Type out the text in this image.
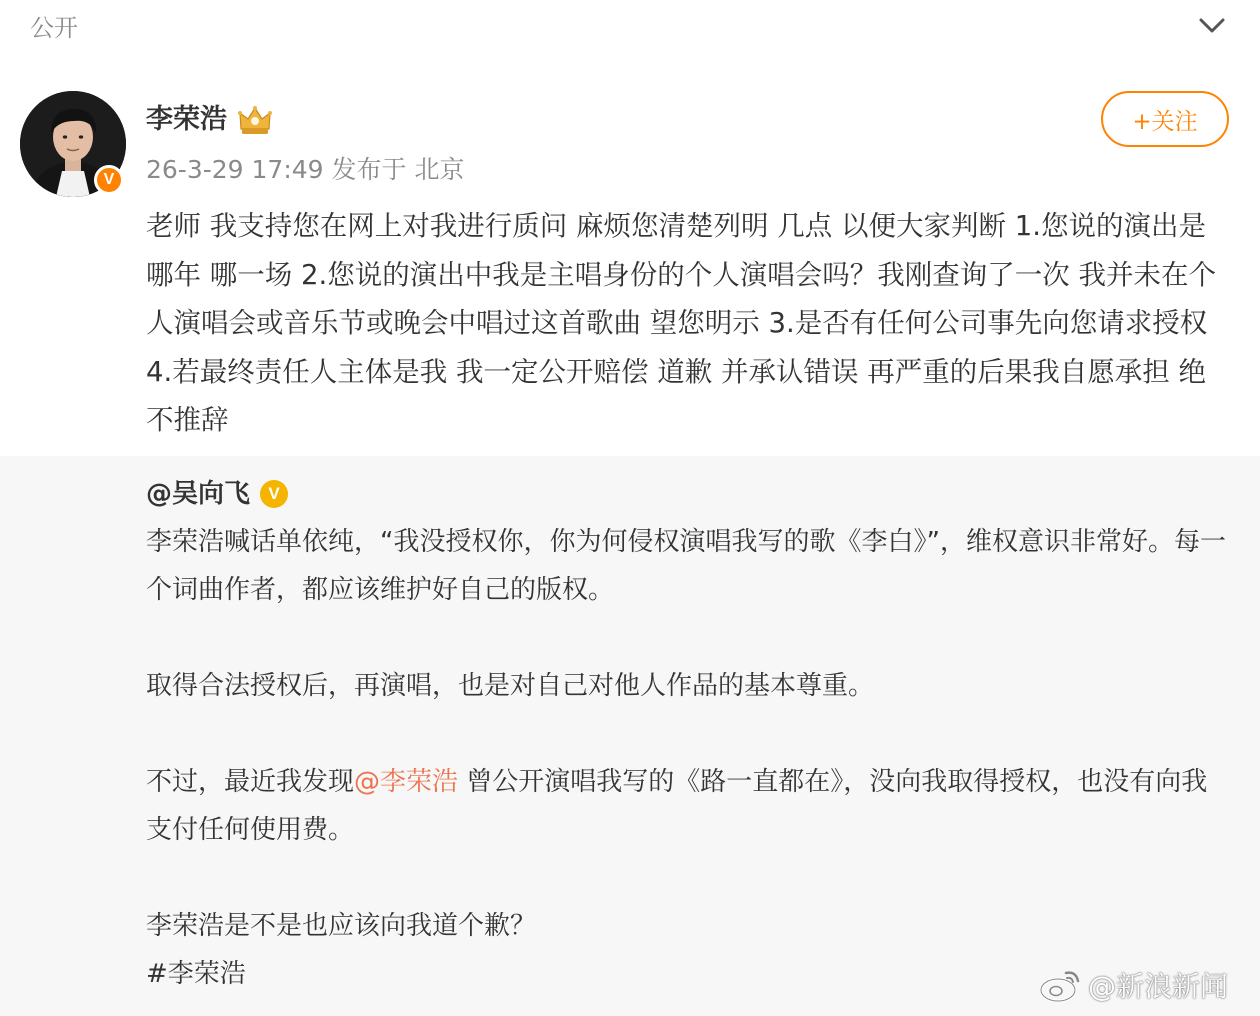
公开
V
李荣浩
26-3-29 17:49 发布于 北京
+关注
老师 我支持您在网上对我进行质问 麻烦您清楚列明 几点 以便大家判断 1.您说的演出是哪年 哪一场 2.您说的演出中我是主唱身份的个人演唱会吗？我刚查询了一次 我并未在个人演唱会或音乐节或晚会中唱过这首歌曲 望您明示 3.是否有任何公司事先向您请求授权 4.若最终责任人主体是我 我一定公开赔偿 道歉 并承认错误 再严重的后果我自愿承担 绝不推辞
@吴向飞	V
李荣浩喊话单依纯，“我没授权你，你为何侵权演唱我写的歌《李白》”，维权意识非常好。每一个词曲作者，都应该维护好自己的版权。
取得合法授权后，再演唱，也是对自己对他人作品的基本尊重。
不过，最近我发现@李荣浩 曾公开演唱我写的《路一直都在》，没向我取得授权，也没有向我支付任何使用费。
李荣浩是不是也应该向我道个歉？
#李荣浩	@新浪新闻
